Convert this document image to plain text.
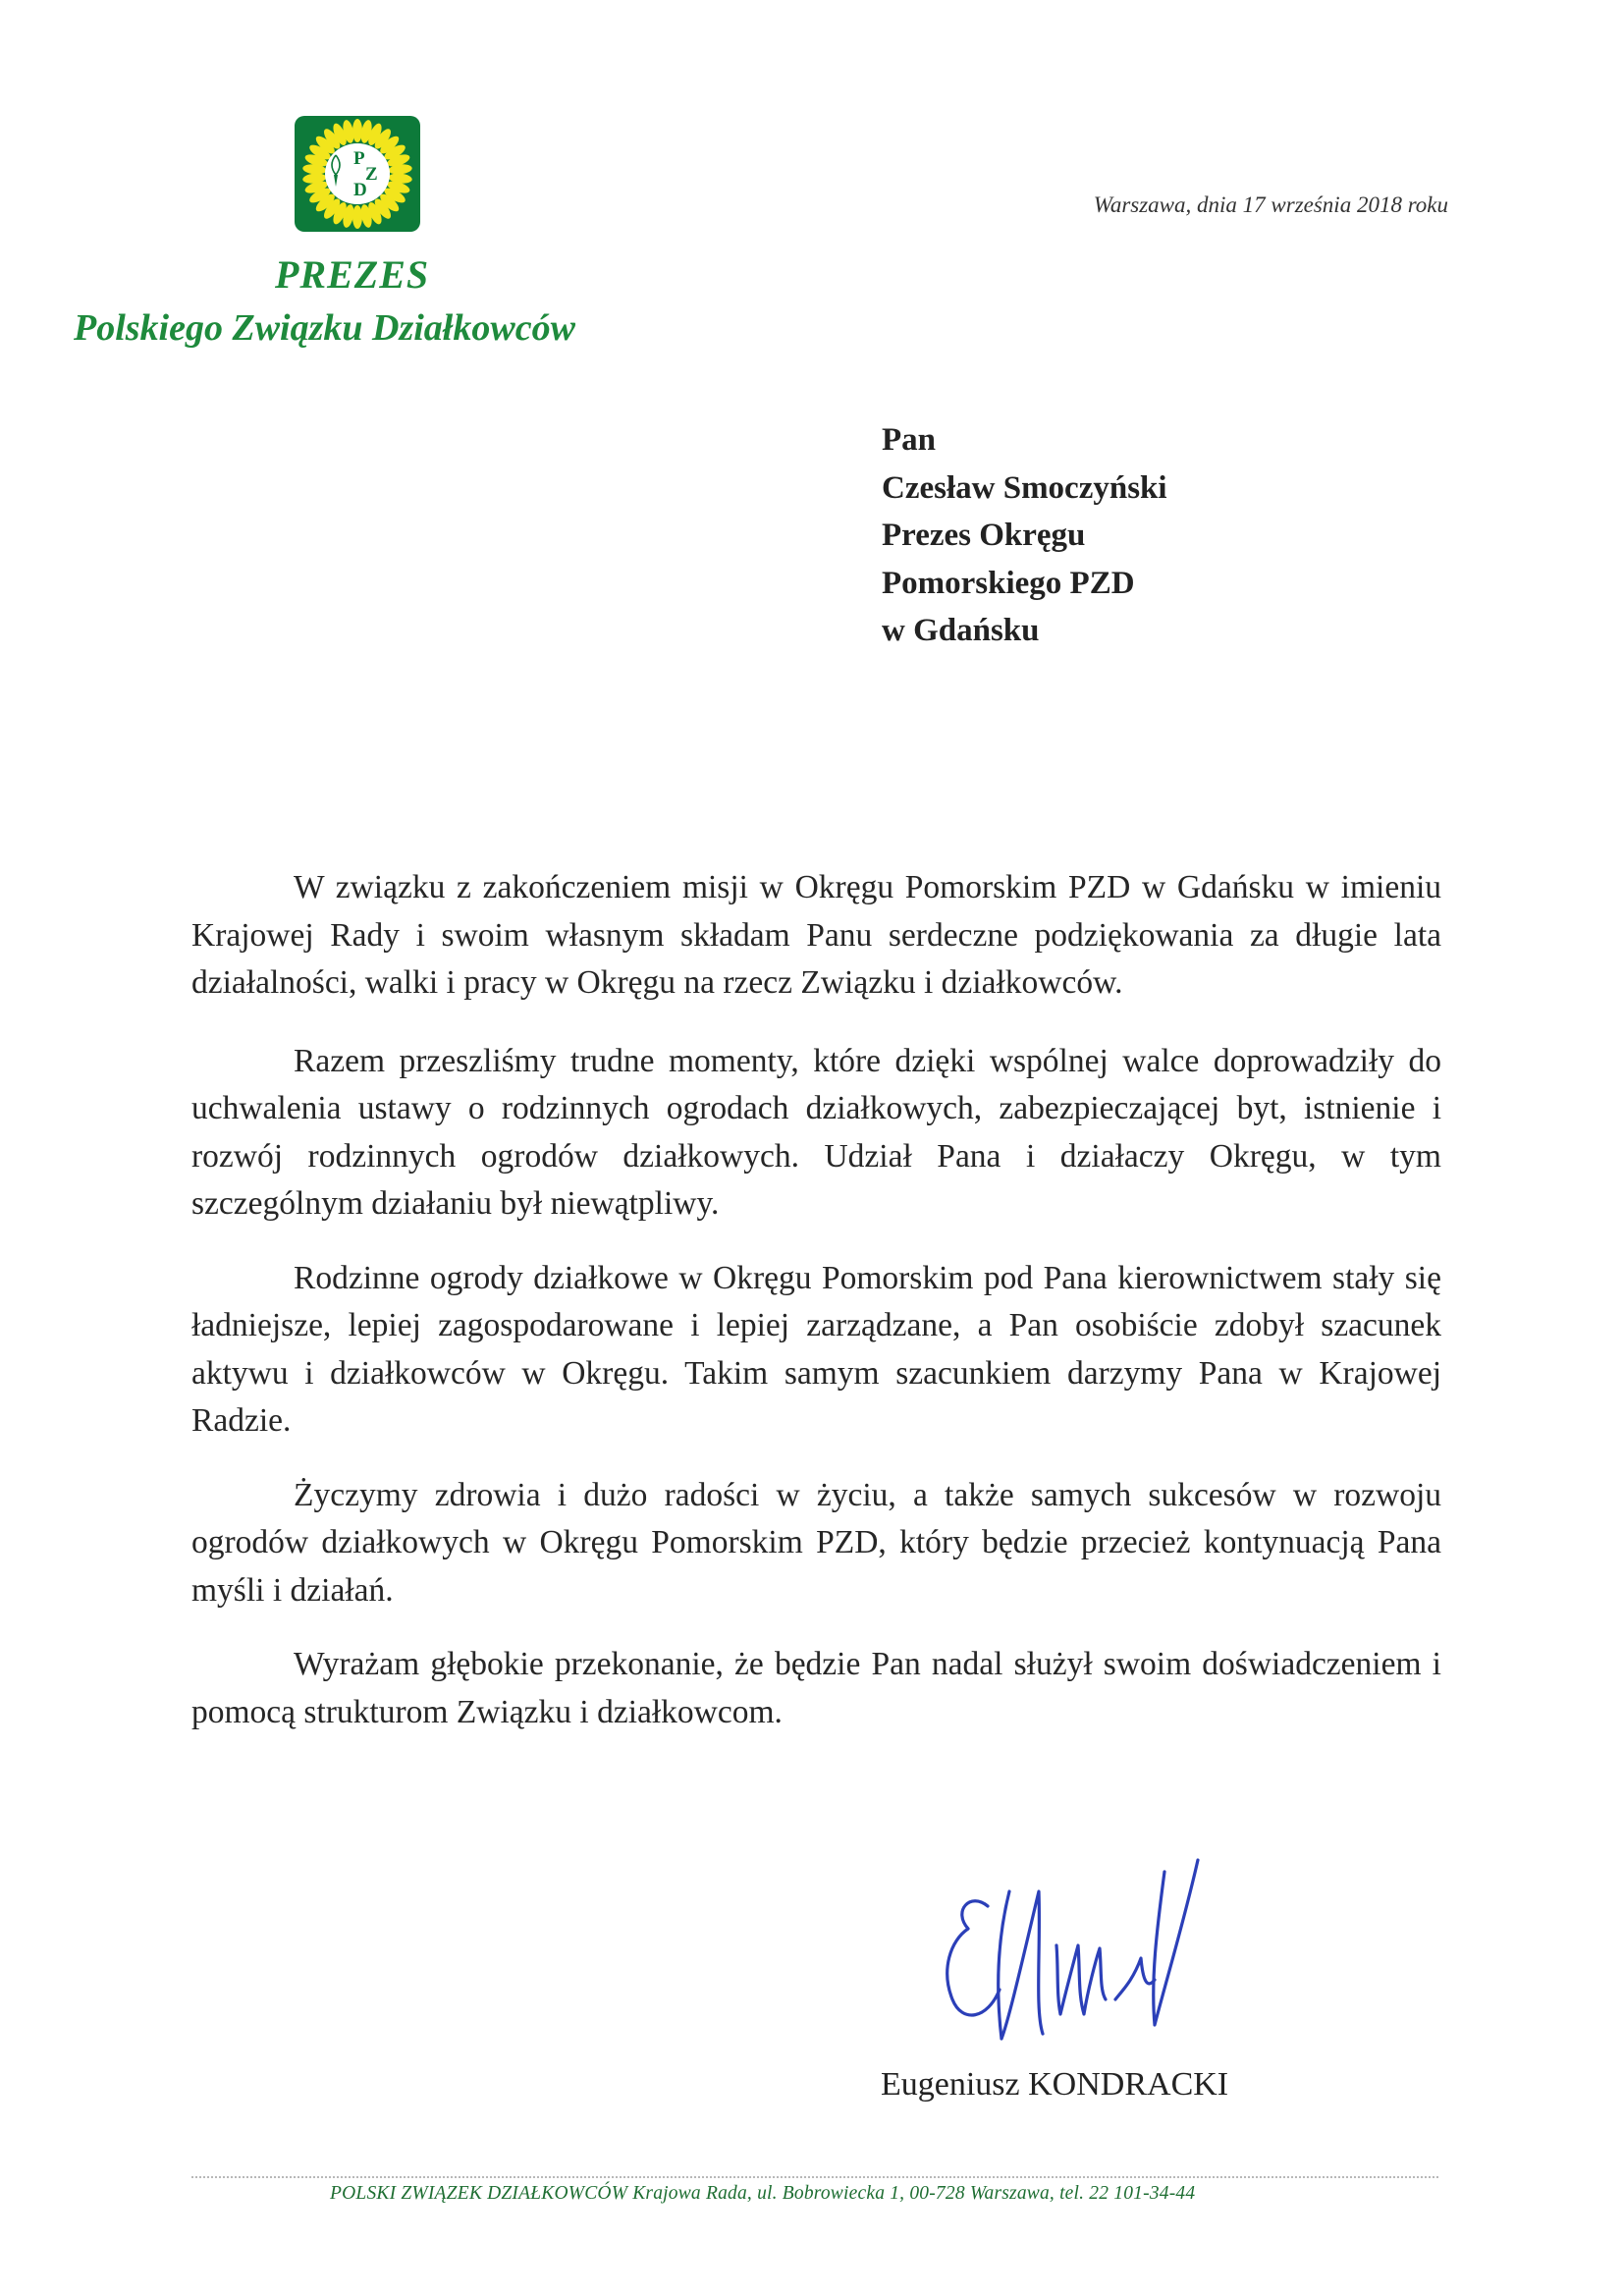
P
Z
D
PREZES
Polskiego Związku Działkowców
Warszawa, dnia 17 września 2018 roku
Pan
Czesław Smoczyński
Prezes Okręgu
Pomorskiego PZD
w Gdańsku

W związku z zakończeniem misji w Okręgu Pomorskim PZD w Gdańsku w imieniu Krajowej Rady i swoim własnym składam Panu serdeczne podziękowania za długie lata działalności, walki i pracy w Okręgu na rzecz Związku i działkowców.

Razem przeszliśmy trudne momenty, które dzięki wspólnej walce doprowadziły do uchwalenia ustawy o rodzinnych ogrodach działkowych, zabezpieczającej byt, istnienie i rozwój rodzinnych ogrodów działkowych. Udział Pana i działaczy Okręgu, w tym szczególnym działaniu był niewątpliwy.

Rodzinne ogrody działkowe w Okręgu Pomorskim pod Pana kierownictwem stały się ładniejsze, lepiej zagospodarowane i lepiej zarządzane, a Pan osobiście zdobył szacunek aktywu i działkowców w Okręgu. Takim samym szacunkiem darzymy Pana w Krajowej Radzie.

Życzymy zdrowia i dużo radości w życiu, a także samych sukcesów w rozwoju ogrodów działkowych w Okręgu Pomorskim PZD, który będzie przecież kontynuacją Pana myśli i działań.

Wyrażam głębokie przekonanie, że będzie Pan nadal służył swoim doświadczeniem i pomocą strukturom Związku i działkowcom.

Eugeniusz KONDRACKI
POLSKI ZWIĄZEK DZIAŁKOWCÓW Krajowa Rada, ul. Bobrowiecka 1, 00-728 Warszawa, tel. 22 101-34-44
